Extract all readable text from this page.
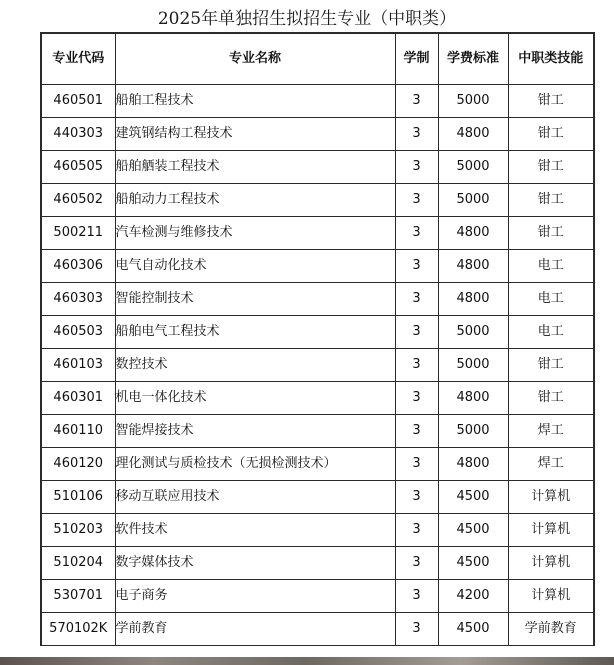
2025年单独招生拟招生专业（中职类）
专业代码	专业名称	学制	学费标准	中职类技能
460501	船舶工程技术	3	5000	钳工
440303	建筑钢结构工程技术	3	4800	钳工
460505	船舶舾装工程技术	3	5000	钳工
460502	船舶动力工程技术	3	5000	钳工
500211	汽车检测与维修技术	3	4800	钳工
460306	电气自动化技术	3	4800	电工
460303	智能控制技术	3	4800	电工
460503	船舶电气工程技术	3	5000	电工
460103	数控技术	3	5000	钳工
460301	机电一体化技术	3	4800	钳工
460110	智能焊接技术	3	5000	焊工
460120	理化测试与质检技术（无损检测技术）	3	4800	焊工
510106	移动互联应用技术	3	4500	计算机
510203	软件技术	3	4500	计算机
510204	数字媒体技术	3	4500	计算机
530701	电子商务	3	4200	计算机
570102K	学前教育	3	4500	学前教育
